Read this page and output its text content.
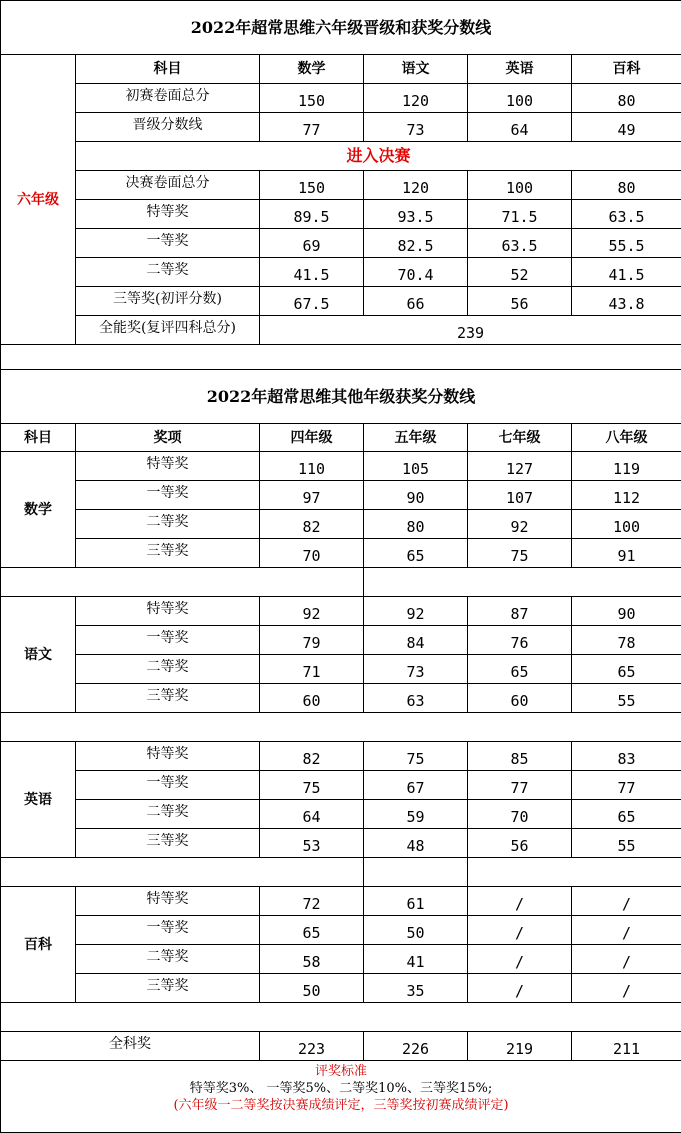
2022年超常思维六年级晋级和获奖分数线					
六年级	科目	数学	语文	英语	百科
	初赛卷面总分	150	120	100	80
	晋级分数线	77	73	64	49
	进入决赛				
	决赛卷面总分	150	120	100	80
	特等奖	89.5	93.5	71.5	63.5
	一等奖	69	82.5	63.5	55.5
	二等奖	41.5	70.4	52	41.5
	三等奖(初评分数)	67.5	66	56	43.8
	全能奖(复评四科总分)	239			

2022年超常思维其他年级获奖分数线					
科目	奖项	四年级	五年级	七年级	八年级
数学	特等奖	110	105	127	119
	一等奖	97	90	107	112
	二等奖	82	80	92	100
	三等奖	70	65	75	91

语文	特等奖	92	92	87	90
	一等奖	79	84	76	78
	二等奖	71	73	65	65
	三等奖	60	63	60	55

英语	特等奖	82	75	85	83
	一等奖	75	67	77	77
	二等奖	64	59	70	65
	三等奖	53	48	56	55

百科	特等奖	72	61	/	/
	一等奖	65	50	/	/
	二等奖	58	41	/	/
	三等奖	50	35	/	/

全科奖		223	226	219	211

评奖标准
特等奖3%、 一等奖5%、二等奖10%、三等奖15%;
(六年级一二等奖按决赛成绩评定，三等奖按初赛成绩评定)					
